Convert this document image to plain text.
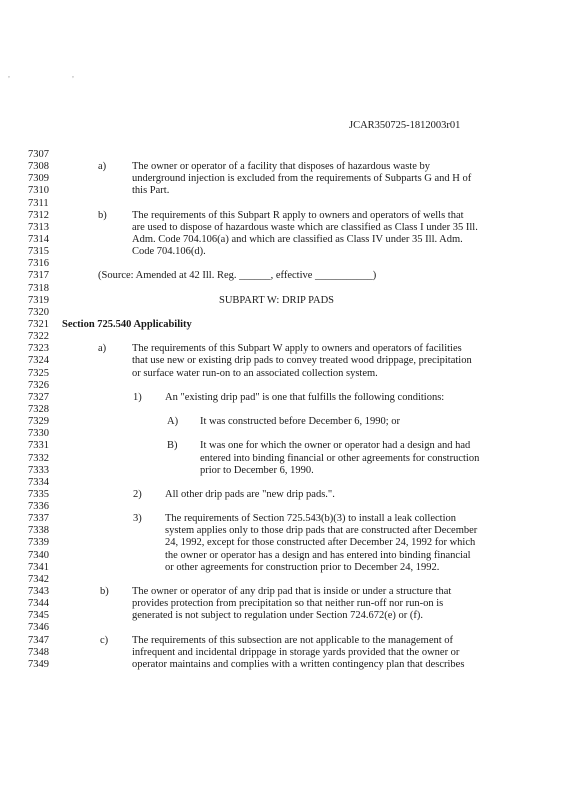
, ,
JCAR350725-1812003r01
7307
7308	The owner or operator of a facility that disposes of hazardous waste by
a)
7309	underground injection is excluded from the requirements of Subparts G and H of
7310	this Part.
7311
7312	The requirements of this Subpart R apply to owners and operators of wells that
b)
7313	are used to dispose of hazardous waste which are classified as Class I under 35 Ill.
7314	Adm. Code 704.106(a) and which are classified as Class IV under 35 Ill. Adm.
7315	Code 704.106(d).
7316
7317	(Source: Amended at 42 Ill. Reg. ______, effective ___________)
7318
7319	SUBPART W: DRIP PADS
7320
7321	Section 725.540 Applicability
7322
7323	The requirements of this Subpart W apply to owners and operators of facilities
a)
7324	that use new or existing drip pads to convey treated wood drippage, precipitation
7325	or surface water run-on to an associated collection system.
7326
7327	An "existing drip pad" is one that fulfills the following conditions:
1)
7328
7329	It was constructed before December 6, 1990; or
A)
7330
7331	It was one for which the owner or operator had a design and had
B)
7332	entered into binding financial or other agreements for construction
7333	prior to December 6, 1990.
7334
7335	All other drip pads are "new drip pads.".
2)
7336
7337	The requirements of Section 725.543(b)(3) to install a leak collection
3)
7338	system applies only to those drip pads that are constructed after December
7339	24, 1992, except for those constructed after December 24, 1992 for which
7340	the owner or operator has a design and has entered into binding financial
7341	or other agreements for construction prior to December 24, 1992.
7342
7343	The owner or operator of any drip pad that is inside or under a structure that
b)
7344	provides protection from precipitation so that neither run-off nor run-on is
7345	generated is not subject to regulation under Section 724.672(e) or (f).
7346
7347	The requirements of this subsection are not applicable to the management of
c)
7348	infrequent and incidental drippage in storage yards provided that the owner or
7349	operator maintains and complies with a written contingency plan that describes
